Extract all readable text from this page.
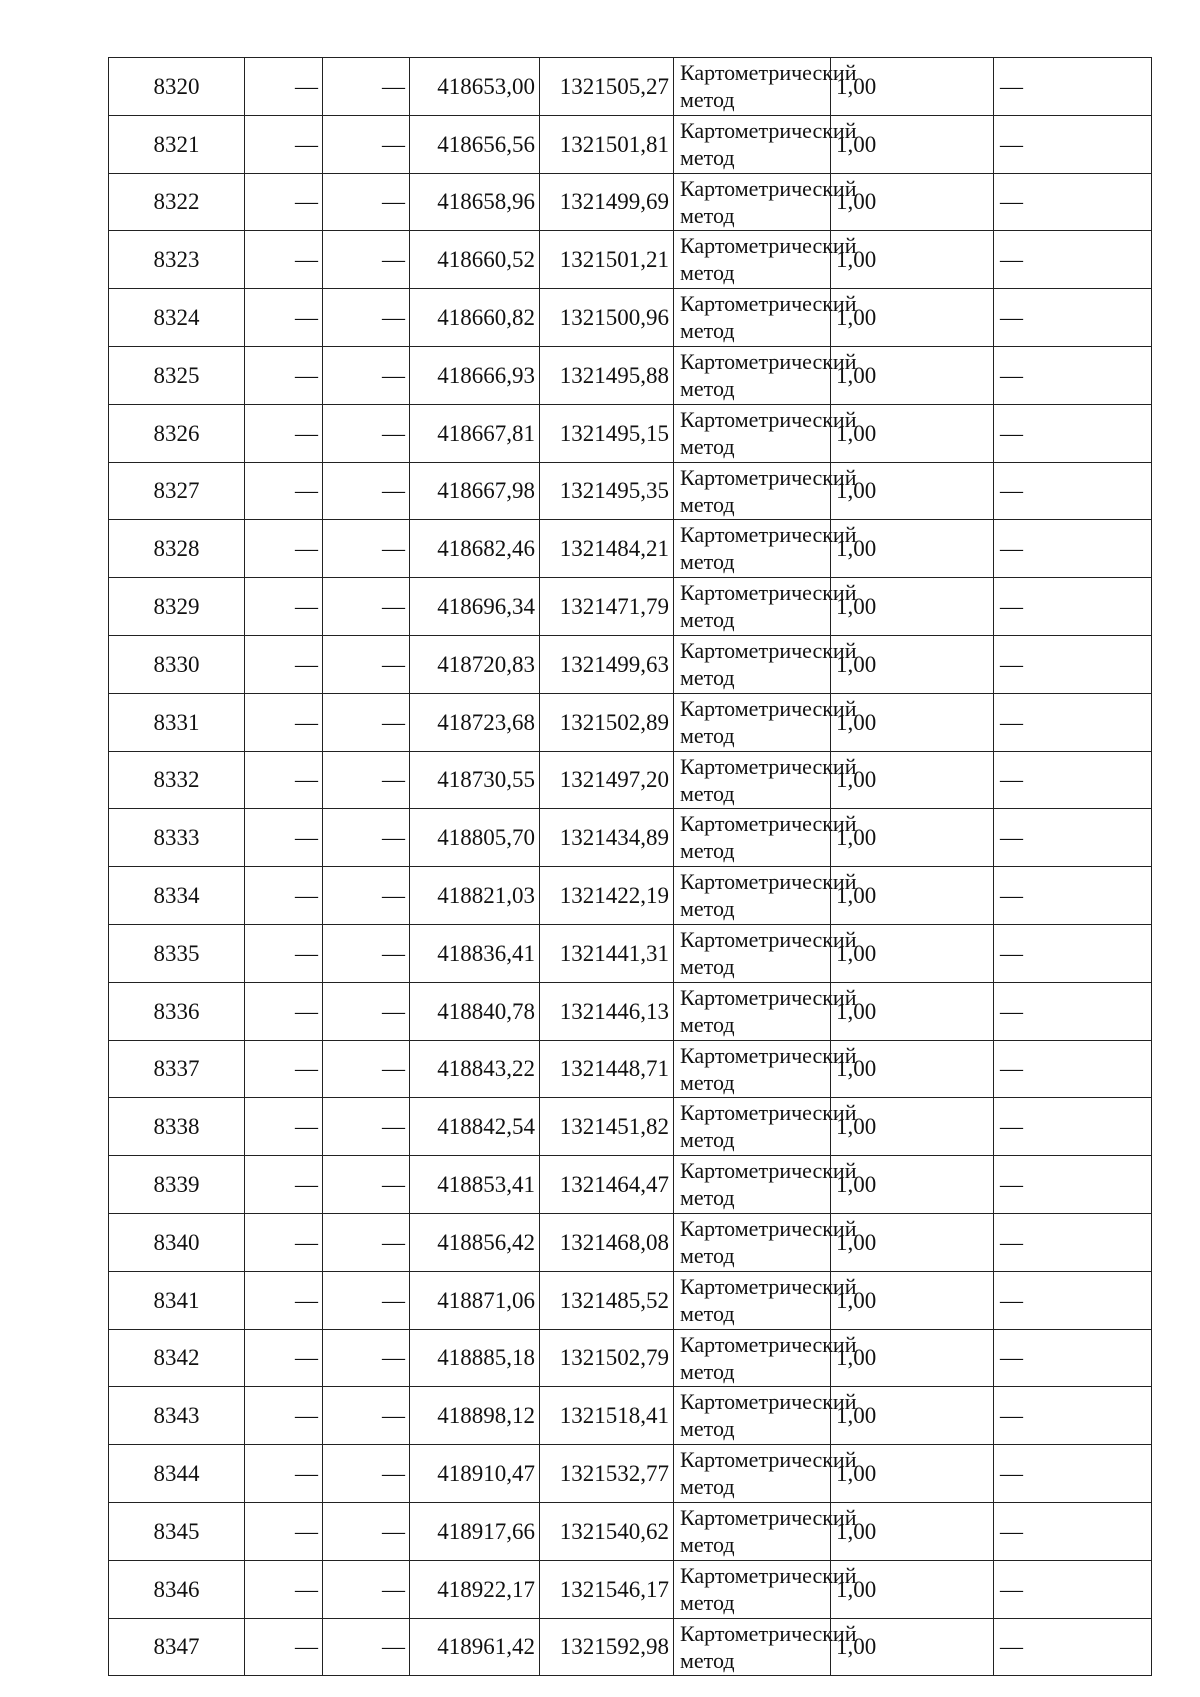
8320	—	—	418653,00	1321505,27	Картометрический метод	1,00	—
8321	—	—	418656,56	1321501,81	Картометрический метод	1,00	—
8322	—	—	418658,96	1321499,69	Картометрический метод	1,00	—
8323	—	—	418660,52	1321501,21	Картометрический метод	1,00	—
8324	—	—	418660,82	1321500,96	Картометрический метод	1,00	—
8325	—	—	418666,93	1321495,88	Картометрический метод	1,00	—
8326	—	—	418667,81	1321495,15	Картометрический метод	1,00	—
8327	—	—	418667,98	1321495,35	Картометрический метод	1,00	—
8328	—	—	418682,46	1321484,21	Картометрический метод	1,00	—
8329	—	—	418696,34	1321471,79	Картометрический метод	1,00	—
8330	—	—	418720,83	1321499,63	Картометрический метод	1,00	—
8331	—	—	418723,68	1321502,89	Картометрический метод	1,00	—
8332	—	—	418730,55	1321497,20	Картометрический метод	1,00	—
8333	—	—	418805,70	1321434,89	Картометрический метод	1,00	—
8334	—	—	418821,03	1321422,19	Картометрический метод	1,00	—
8335	—	—	418836,41	1321441,31	Картометрический метод	1,00	—
8336	—	—	418840,78	1321446,13	Картометрический метод	1,00	—
8337	—	—	418843,22	1321448,71	Картометрический метод	1,00	—
8338	—	—	418842,54	1321451,82	Картометрический метод	1,00	—
8339	—	—	418853,41	1321464,47	Картометрический метод	1,00	—
8340	—	—	418856,42	1321468,08	Картометрический метод	1,00	—
8341	—	—	418871,06	1321485,52	Картометрический метод	1,00	—
8342	—	—	418885,18	1321502,79	Картометрический метод	1,00	—
8343	—	—	418898,12	1321518,41	Картометрический метод	1,00	—
8344	—	—	418910,47	1321532,77	Картометрический метод	1,00	—
8345	—	—	418917,66	1321540,62	Картометрический метод	1,00	—
8346	—	—	418922,17	1321546,17	Картометрический метод	1,00	—
8347	—	—	418961,42	1321592,98	Картометрический метод	1,00	—
